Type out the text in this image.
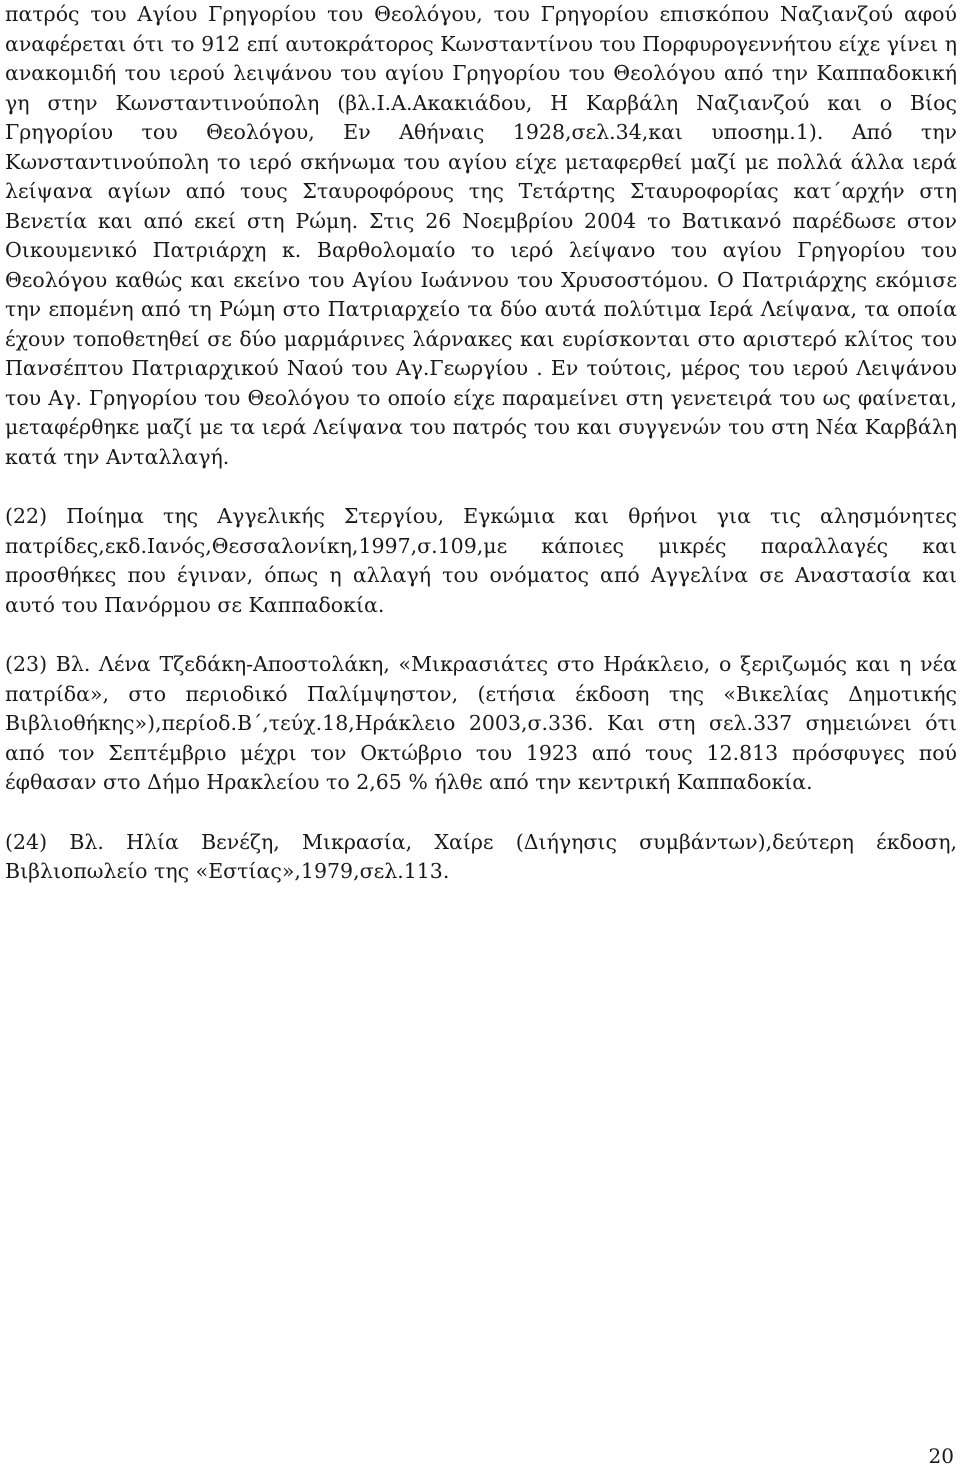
πατρός του Αγίου Γρηγορίου του Θεολόγου, του Γρηγορίου επισκόπου Ναζιανζού αφού αναφέρεται ότι το 912 επί αυτοκράτορος Κωνσταντίνου του Πορφυρογεννήτου είχε γίνει η ανακομιδή του ιερού λειψάνου του αγίου Γρηγορίου του Θεολόγου από την Καππαδοκική γη στην Κωνσταντινούπολη (βλ.Ι.Α.Ακακιάδου, Η Καρβάλη Ναζιανζού και ο Βίος Γρηγορίου του Θεολόγου, Εν Αθήναις 1928,σελ.34,και υποσημ.1). Από την Κωνσταντινούπολη το ιερό σκήνωμα του αγίου είχε μεταφερθεί μαζί με πολλά άλλα ιερά λείψανα αγίων από τους Σταυροφόρους της Τετάρτης Σταυροφορίας κατ΄αρχήν στη Βενετία και από εκεί στη Ρώμη. Στις 26 Νοεμβρίου 2004 το Βατικανό παρέδωσε στον Οικουμενικό Πατριάρχη κ. Βαρθολομαίο το ιερό λείψανο του αγίου Γρηγορίου του Θεολόγου καθώς και εκείνο του Αγίου Ιωάννου του Χρυσοστόμου. Ο Πατριάρχης εκόμισε την επομένη από τη Ρώμη στο Πατριαρχείο τα δύο αυτά πολύτιμα Ιερά Λείψανα, τα οποία έχουν τοποθετηθεί σε δύο μαρμάρινες λάρνακες και ευρίσκονται στο αριστερό κλίτος του Πανσέπτου Πατριαρχικού Ναού του Αγ.Γεωργίου . Εν τούτοις, μέρος του ιερού Λειψάνου του Αγ. Γρηγορίου του Θεολόγου το οποίο είχε παραμείνει στη γενετειρά του ως φαίνεται, μεταφέρθηκε μαζί με τα ιερά Λείψανα του πατρός του και συγγενών του στη Νέα Καρβάλη κατά την Ανταλλαγή.

(22) Ποίημα της Αγγελικής Στεργίου, Εγκώμια και θρήνοι για τις αλησμόνητες πατρίδες,εκδ.Ιανός,Θεσσαλονίκη,1997,σ.109,με κάποιες μικρές παραλλαγές και προσθήκες που έγιναν, όπως η αλλαγή του ονόματος από Αγγελίνα σε Αναστασία και αυτό του Πανόρμου σε Καππαδοκία.

(23) Βλ. Λένα Τζεδάκη-Αποστολάκη, «Μικρασιάτες στο Ηράκλειο, ο ξεριζωμός και η νέα πατρίδα», στο περιοδικό Παλίμψηστον, (ετήσια έκδοση της «Βικελίας Δημοτικής Βιβλιοθήκης»),περίοδ.Β΄,τεύχ.18,Ηράκλειο 2003,σ.336. Και στη σελ.337 σημειώνει ότι από τον Σεπτέμβριο μέχρι τον Οκτώβριο του 1923 από τους 12.813 πρόσφυγες πού έφθασαν στο Δήμο Ηρακλείου το 2,65 % ήλθε από την κεντρική Καππαδοκία.

(24) Βλ. Ηλία Βενέζη, Μικρασία, Χαίρε (Διήγησις συμβάντων),δεύτερη έκδοση, Βιβλιοπωλείο της «Εστίας»,1979,σελ.113.

20
